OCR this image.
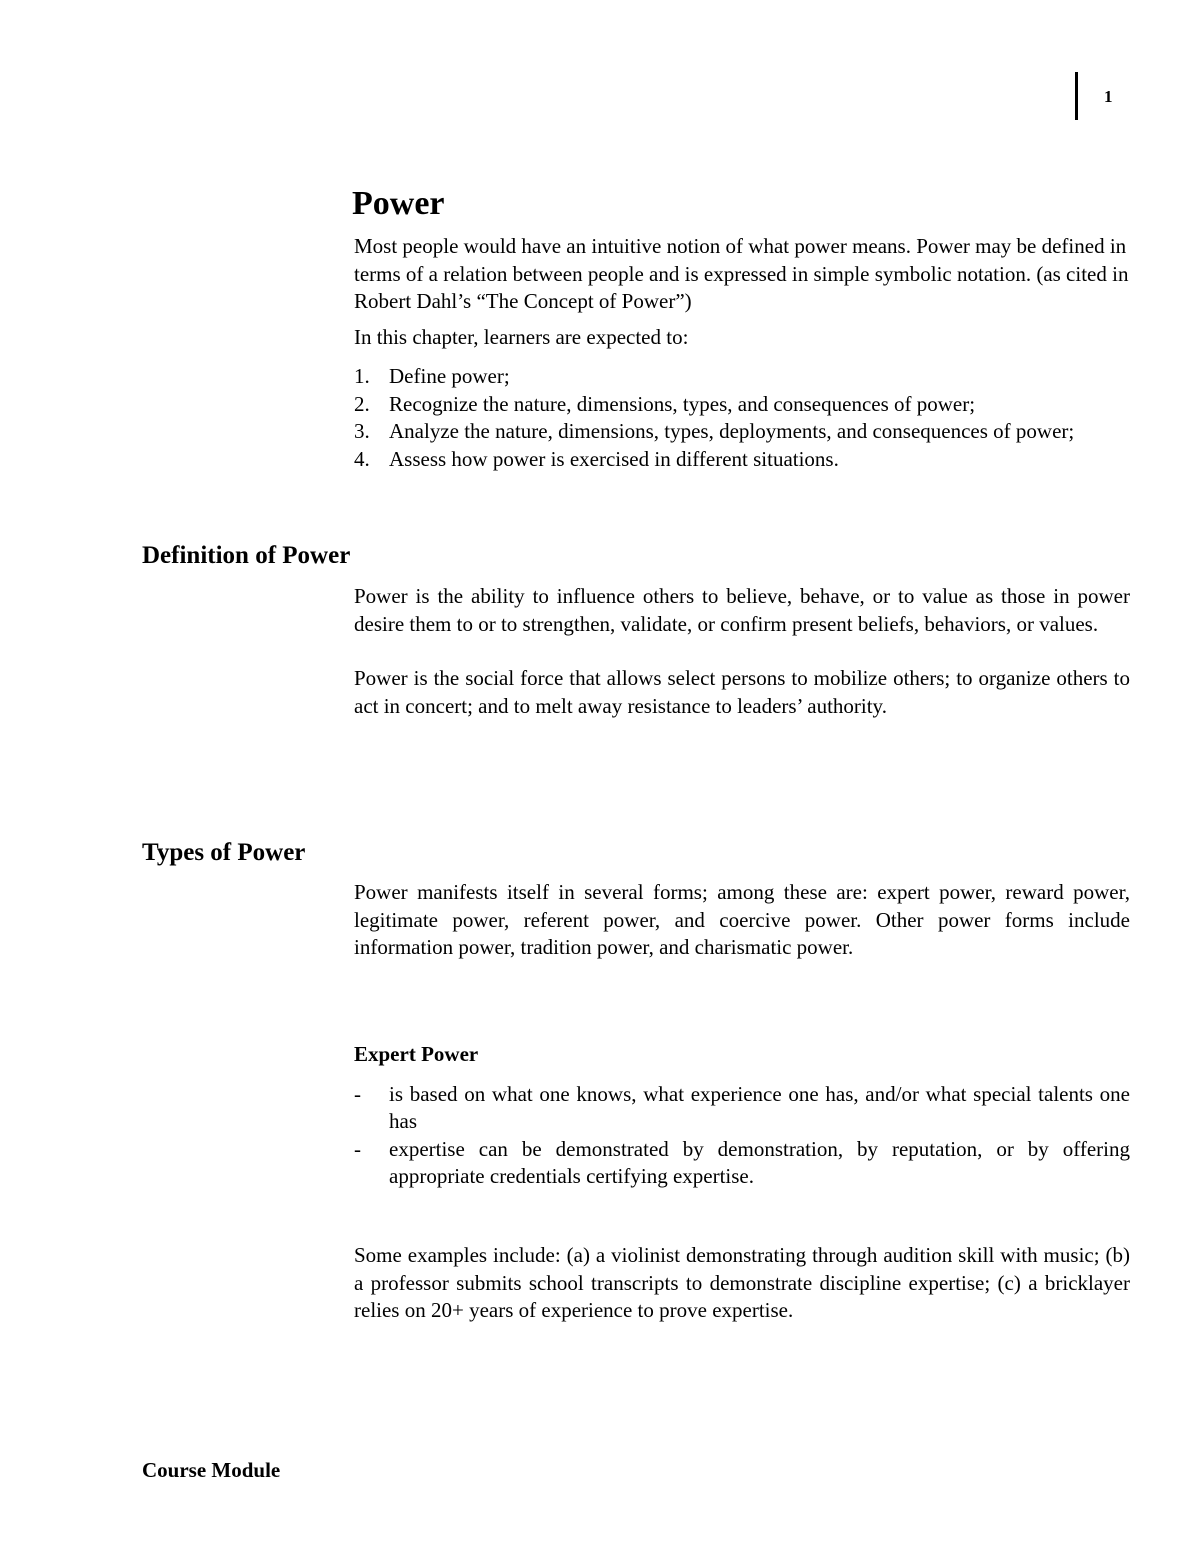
1
Power

Most people would have an intuitive notion of what power means. Power may be defined in terms of a relation between people and is expressed in simple symbolic notation. (as cited in Robert Dahl’s “The Concept of Power”)

In this chapter, learners are expected to:

1. Define power;
2. Recognize the nature, dimensions, types, and consequences of power;
3. Analyze the nature, dimensions, types, deployments, and consequences of power;
4. Assess how power is exercised in different situations.
Definition of Power

Power is the ability to influence others to believe, behave, or to value as those in power desire them to or to strengthen, validate, or confirm present beliefs, behaviors, or values.

Power is the social force that allows select persons to mobilize others; to organize others to act in concert; and to melt away resistance to leaders’ authority.

Types of Power

Power manifests itself in several forms; among these are: expert power, reward power, legitimate power, referent power, and coercive power. Other power forms include information power, tradition power, and charismatic power.

Expert Power

- is based on what one knows, what experience one has, and/or what special talents one has
- expertise can be demonstrated by demonstration, by reputation, or by offering appropriate credentials certifying expertise.

Some examples include: (a) a violinist demonstrating through audition skill with music; (b) a professor submits school transcripts to demonstrate discipline expertise; (c) a bricklayer relies on 20+ years of experience to prove expertise.

Course Module
